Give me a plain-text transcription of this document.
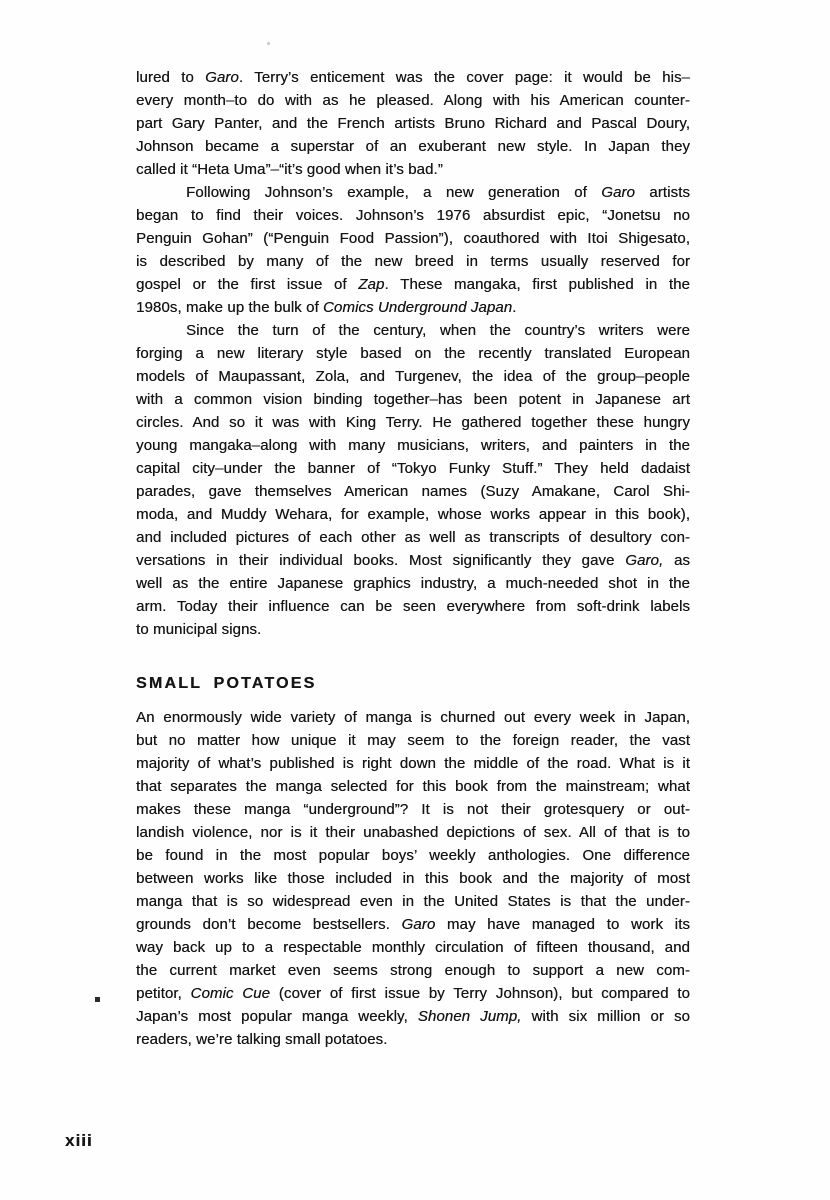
lured to Garo. Terry’s enticement was the cover page: it would be his–
every month–to do with as he pleased. Along with his American counter-
part Gary Panter, and the French artists Bruno Richard and Pascal Doury,
Johnson became a superstar of an exuberant new style. In Japan they
called it “Heta Uma”–“it’s good when it’s bad.”
Following Johnson’s example, a new generation of Garo artists
began to find their voices. Johnson’s 1976 absurdist epic, “Jonetsu no
Penguin Gohan” (“Penguin Food Passion”), coauthored with Itoi Shigesato,
is described by many of the new breed in terms usually reserved for
gospel or the first issue of Zap. These mangaka, first published in the
1980s, make up the bulk of Comics Underground Japan.
Since the turn of the century, when the country’s writers were
forging a new literary style based on the recently translated European
models of Maupassant, Zola, and Turgenev, the idea of the group–people
with a common vision binding together–has been potent in Japanese art
circles. And so it was with King Terry. He gathered together these hungry
young mangaka–along with many musicians, writers, and painters in the
capital city–under the banner of “Tokyo Funky Stuff.” They held dadaist
parades, gave themselves American names (Suzy Amakane, Carol Shi-
moda, and Muddy Wehara, for example, whose works appear in this book),
and included pictures of each other as well as transcripts of desultory con-
versations in their individual books. Most significantly they gave Garo, as
well as the entire Japanese graphics industry, a much-needed shot in the
arm. Today their influence can be seen everywhere from soft-drink labels
to municipal signs.
SMALL POTATOES
An enormously wide variety of manga is churned out every week in Japan,
but no matter how unique it may seem to the foreign reader, the vast
majority of what’s published is right down the middle of the road. What is it
that separates the manga selected for this book from the mainstream; what
makes these manga “underground”? It is not their grotesquery or out-
landish violence, nor is it their unabashed depictions of sex. All of that is to
be found in the most popular boys’ weekly anthologies. One difference
between works like those included in this book and the majority of most
manga that is so widespread even in the United States is that the under-
grounds don’t become bestsellers. Garo may have managed to work its
way back up to a respectable monthly circulation of fifteen thousand, and
the current market even seems strong enough to support a new com-
petitor, Comic Cue (cover of first issue by Terry Johnson), but compared to
Japan’s most popular manga weekly, Shonen Jump, with six million or so
readers, we’re talking small potatoes.
xiii
